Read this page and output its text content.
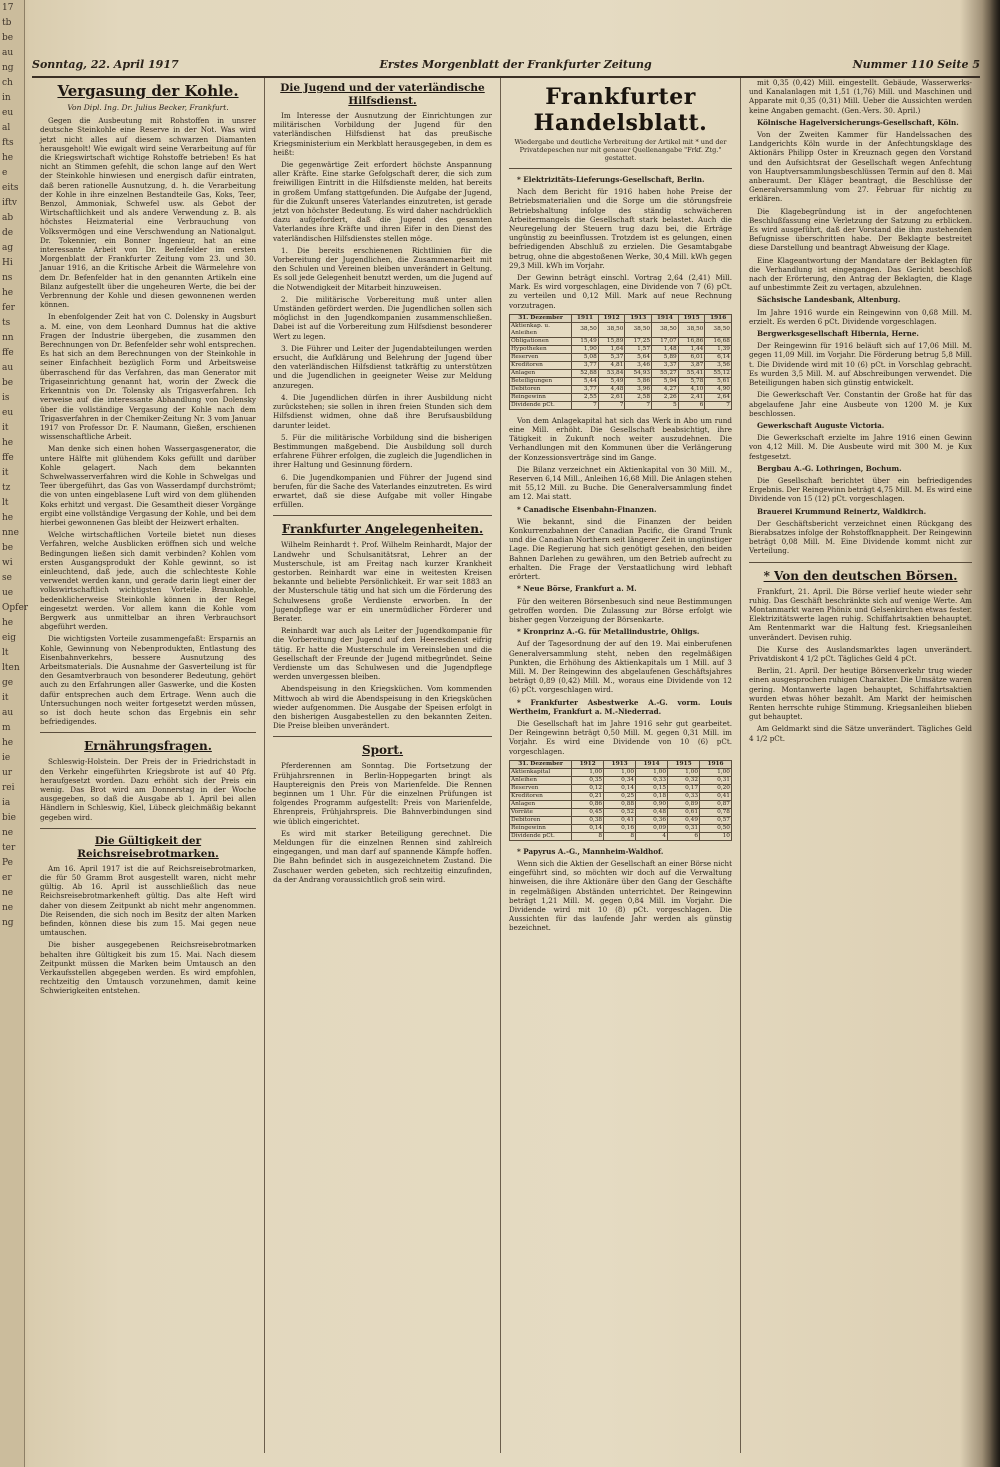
17
tb
be
au
ng
ch
in
eu
al
fts
he
e
eits
iftv
ab
de
ag
Hi
ns
he
fer
ts
nn
ffe
au
be
is
eu
it
he
ffe
it
tz
lt
he
nne
be
wi
se
ue
Opfer
he
eig
lt
lten
ge
it
au
m
he
ie
ur
rei
ia
bie
ne
ter
Pe
er
ne
ne
ng
Sonntag, 22. April 1917	Erstes Morgenblatt der Frankfurter Zeitung	Nummer 110 Seite 5
Vergasung der Kohle.
Von Dipl. Ing. Dr. Julius Becker, Frankfurt.

Gegen die Ausbeutung mit Rohstoffen in unsrer deutsche Steinkohle eine Reserve in der Not. Was wird jetzt nicht alles auf diesem schwarzen Diamanten herausgeholt! Wie ewigalt wird seine Verarbeitung auf für die Kriegswirtschaft wichtige Rohstoffe betrieben! Es hat nicht an Stimmen gefehlt, die schon lange auf den Wert der Steinkohle hinwiesen und energisch dafür eintraten, daß beren rationelle Ausnutzung, d. h. die Verarbeitung der Kohle in ihre einzelnen Bestandteile Gas, Koks, Teer, Benzol, Ammoniak, Schwefel usw. als Gebot der Wirtschaftlichkeit und als andere Verwendung z. B. als höchstes Heizmaterial eine Verbrauchung von Volksvermögen und eine Verschwendung an Nationalgut. Dr. Tokennier, ein Bonner Ingenieur, hat an eine interessante Arbeit von Dr. Befenfelder im ersten Morgenblatt der Frankfurter Zeitung vom 23. und 30. Januar 1916, an die Kritische Arbeit die Wärmelehre von dem Dr. Befenfelder hat in den genannten Artikeln eine Bilanz aufgestellt über die ungeheuren Werte, die bei der Verbrennung der Kohle und diesen gewonnenen werden können.

In ebenfolgender Zeit hat von C. Dolensky in Augsburt a. M. eine, von dem Leonhard Dumnus hat die aktive Fragen der Industrie übergeben, die zusammen den Berechnungen von Dr. Befenfelder sehr wohl entsprechen. Es hat sich an dem Berechnungen von der Steinkohle in seiner Einfachheit bezüglich Form und Arbeitsweise überraschend für das Verfahren, das man Generator mit Trigaseinrichtung genannt hat, worin der Zweck die Erkenntnis von Dr. Tolensky als Trigasverfahren. Ich verweise auf die interessante Abhandlung von Dolensky über die vollständige Vergasung der Kohle nach dem Trigasverfahren in der Chemiker-Zeitung Nr. 3 vom Januar 1917 von Professor Dr. F. Naumann, Gießen, erschienen wissenschaftliche Arbeit.

Man denke sich einen hohen Wassergasgenerator, die untere Hälfte mit glühendem Koks gefüllt und darüber Kohle gelagert. Nach dem bekannten Schwelwasserverfahren wird die Kohle in Schwelgas und Teer übergeführt, das Gas von Wasserdampf durchströmt; die von unten eingeblasene Luft wird von dem glühenden Koks erhitzt und vergast. Die Gesamtheit dieser Vorgänge ergibt eine vollständige Vergasung der Kohle, und bei dem hierbei gewonnenen Gas bleibt der Heizwert erhalten.

Welche wirtschaftlichen Vorteile bietet nun dieses Verfahren, welche Ausblicken eröffnen sich und welche Bedingungen ließen sich damit verbinden? Kohlen vom ersten Ausgangsprodukt der Kohle gewinnt, so ist einleuchtend, daß jede, auch die schlechteste Kohle verwendet werden kann, und gerade darin liegt einer der volkswirtschaftlich wichtigsten Vorteile. Braunkohle, bedenklicherweise Steinkohle können in der Regel eingesetzt werden. Vor allem kann die Kohle vom Bergwerk aus unmittelbar an ihren Verbrauchsort abgeführt werden.

Die wichtigsten Vorteile zusammengefaßt: Ersparnis an Kohle, Gewinnung von Nebenprodukten, Entlastung des Eisenbahnverkehrs, bessere Ausnutzung des Arbeitsmaterials. Die Ausnahme der Gasverteilung ist für den Gesamtverbrauch von besonderer Bedeutung, gehört auch zu den Erfahrungen aller Gaswerke, und die Kosten dafür entsprechen auch dem Ertrage. Wenn auch die Untersuchungen noch weiter fortgesetzt werden müssen, so ist doch heute schon das Ergebnis ein sehr befriedigendes.

Ernährungsfragen.

Schleswig-Holstein. Der Preis der in Friedrichstadt in den Verkehr eingeführten Kriegsbrote ist auf 40 Pfg. heraufgesetzt worden. Dazu erhöht sich der Preis ein wenig. Das Brot wird am Donnerstag in der Woche ausgegeben, so daß die Ausgabe ab 1. April bei allen Händlern in Schleswig, Kiel, Lübeck gleichmäßig bekannt gegeben wird.

Die Gültigkeit der Reichsreisebrotmarken.

Am 16. April 1917 ist die auf Reichsreisebrotmarken, die für 50 Gramm Brot ausgestellt waren, nicht mehr gültig. Ab 16. April ist ausschließlich das neue Reichsreisebrotmarkenheft gültig. Das alte Heft wird daher von diesem Zeitpunkt ab nicht mehr angenommen. Die Reisenden, die sich noch im Besitz der alten Marken befinden, können diese bis zum 15. Mai gegen neue umtauschen.

Die bisher ausgegebenen Reichsreisebrotmarken behalten ihre Gültigkeit bis zum 15. Mai. Nach diesem Zeitpunkt müssen die Marken beim Umtausch an den Verkaufsstellen abgegeben werden. Es wird empfohlen, rechtzeitig den Umtausch vorzunehmen, damit keine Schwierigkeiten entstehen.

Die Jugend und der vaterländische Hilfsdienst.

Im Interesse der Ausnutzung der Einrichtungen zur militärischen Vorbildung der Jugend für den vaterländischen Hilfsdienst hat das preußische Kriegsministerium ein Merkblatt herausgegeben, in dem es heißt:

Die gegenwärtige Zeit erfordert höchste Anspannung aller Kräfte. Eine starke Gefolgschaft derer, die sich zum freiwilligen Eintritt in die Hilfsdienste melden, hat bereits in großem Umfang stattgefunden. Die Aufgabe der Jugend, für die Zukunft unseres Vaterlandes einzutreten, ist gerade jetzt von höchster Bedeutung. Es wird daher nachdrücklich dazu aufgefordert, daß die Jugend des gesamten Vaterlandes ihre Kräfte und ihren Eifer in den Dienst des vaterländischen Hilfsdienstes stellen möge.

1. Die bereits erschienenen Richtlinien für die Vorbereitung der Jugendlichen, die Zusammenarbeit mit den Schulen und Vereinen bleiben unverändert in Geltung. Es soll jede Gelegenheit benutzt werden, um die Jugend auf die Notwendigkeit der Mitarbeit hinzuweisen.

2. Die militärische Vorbereitung muß unter allen Umständen gefördert werden. Die Jugendlichen sollen sich möglichst in den Jugendkompanien zusammenschließen. Dabei ist auf die Vorbereitung zum Hilfsdienst besonderer Wert zu legen.

3. Die Führer und Leiter der Jugendabteilungen werden ersucht, die Aufklärung und Belehrung der Jugend über den vaterländischen Hilfsdienst tatkräftig zu unterstützen und die Jugendlichen in geeigneter Weise zur Meldung anzuregen.

4. Die Jugendlichen dürfen in ihrer Ausbildung nicht zurückstehen; sie sollen in ihren freien Stunden sich dem Hilfsdienst widmen, ohne daß ihre Berufsausbildung darunter leidet.

5. Für die militärische Vorbildung sind die bisherigen Bestimmungen maßgebend. Die Ausbildung soll durch erfahrene Führer erfolgen, die zugleich die Jugendlichen in ihrer Haltung und Gesinnung fördern.

6. Die Jugendkompanien und Führer der Jugend sind berufen, für die Sache des Vaterlandes einzutreten. Es wird erwartet, daß sie diese Aufgabe mit voller Hingabe erfüllen.

Frankfurter Angelegenheiten.

Wilhelm Reinhardt †. Prof. Wilhelm Reinhardt, Major der Landwehr und Schulsanitätsrat, Lehrer an der Musterschule, ist am Freitag nach kurzer Krankheit gestorben. Reinhardt war eine in weitesten Kreisen bekannte und beliebte Persönlichkeit. Er war seit 1883 an der Musterschule tätig und hat sich um die Förderung des Schulwesens große Verdienste erworben. In der Jugendpflege war er ein unermüdlicher Förderer und Berater.

Reinhardt war auch als Leiter der Jugendkompanie für die Vorbereitung der Jugend auf den Heeresdienst eifrig tätig. Er hatte die Musterschule im Vereinsleben und die Gesellschaft der Freunde der Jugend mitbegründet. Seine Verdienste um das Schulwesen und die Jugendpflege werden unvergessen bleiben.

Abendspeisung in den Kriegsküchen. Vom kommenden Mittwoch ab wird die Abendspeisung in den Kriegsküchen wieder aufgenommen. Die Ausgabe der Speisen erfolgt in den bisherigen Ausgabestellen zu den bekannten Zeiten. Die Preise bleiben unverändert.

Sport.

Pferderennen am Sonntag. Die Fortsetzung der Frühjahrsrennen in Berlin-Hoppegarten bringt als Hauptereignis den Preis von Marienfelde. Die Rennen beginnen um 1 Uhr. Für die einzelnen Prüfungen ist folgendes Programm aufgestellt: Preis von Marienfelde, Ehrenpreis, Frühjahrspreis. Die Bahnverbindungen sind wie üblich eingerichtet.

Es wird mit starker Beteiligung gerechnet. Die Meldungen für die einzelnen Rennen sind zahlreich eingegangen, und man darf auf spannende Kämpfe hoffen. Die Bahn befindet sich in ausgezeichnetem Zustand. Die Zuschauer werden gebeten, sich rechtzeitig einzufinden, da der Andrang voraussichtlich groß sein wird.

Frankfurter Handelsblatt.
Wiedergabe und deutliche Verbreitung der Artikel mit * und der Privatdepeschen nur mit genauer Quellenangabe "Frkf. Ztg." gestattet.

* Elektrizitäts-Lieferungs-Gesellschaft, Berlin.

Nach dem Bericht für 1916 haben hohe Preise der Betriebsmaterialien und die Sorge um die störungsfreie Betriebshaltung infolge des ständig schwächeren Arbeitermangels die Gesellschaft stark belastet. Auch die Neuregelung der Steuern trug dazu bei, die Erträge ungünstig zu beeinflussen. Trotzdem ist es gelungen, einen befriedigenden Abschluß zu erzielen. Die Gesamtabgabe betrug, ohne die abgestoßenen Werke, 30,4 Mill. kWh gegen 29,3 Mill. kWh im Vorjahr.

Der Gewinn beträgt einschl. Vortrag 2,64 (2,41) Mill. Mark. Es wird vorgeschlagen, eine Dividende von 7 (6) pCt. zu verteilen und 0,12 Mill. Mark auf neue Rechnung vorzutragen.

31. Dezember	1911	1912	1913	1914	1915	1916
Aktienkap. u. Anleihen	38,50	38,50	38,50	38,50	38,50	38,50
Obligationen	15,49	15,89	17,25	17,07	16,86	16,68
Hypotheken	1,90	1,64	1,57	1,48	1,44	1,39
Reserven	5,08	5,37	5,64	5,89	6,01	6,14
Kreditoren	3,77	4,81	3,46	3,37	3,87	3,56
Anlagen	52,88	53,84	54,93	55,27	55,41	55,12
Beteiligungen	5,44	5,49	5,86	5,94	5,78	5,61
Debitoren	3,77	4,48	3,96	4,27	4,10	4,90
Reingewinn	2,55	2,61	2,58	2,26	2,41	2,64
Dividende pCt.	7	7	7	5	6	7

Von dem Anlagekapital hat sich das Werk in Abo um rund eine Mill. erhöht. Die Gesellschaft beabsichtigt, ihre Tätigkeit in Zukunft noch weiter auszudehnen. Die Verhandlungen mit den Kommunen über die Verlängerung der Konzessionsverträge sind im Gange.

Die Bilanz verzeichnet ein Aktienkapital von 30 Mill. M., Reserven 6,14 Mill., Anleihen 16,68 Mill. Die Anlagen stehen mit 55,12 Mill. zu Buche. Die Generalversammlung findet am 12. Mai statt.

* Canadische Eisenbahn-Finanzen.

Wie bekannt, sind die Finanzen der beiden Konkurrenzbahnen der Canadian Pacific, die Grand Trunk und die Canadian Northern seit längerer Zeit in ungünstiger Lage. Die Regierung hat sich genötigt gesehen, den beiden Bahnen Darlehen zu gewähren, um den Betrieb aufrecht zu erhalten. Die Frage der Verstaatlichung wird lebhaft erörtert.

* Neue Börse, Frankfurt a. M.

Für den weiteren Börsenbesuch sind neue Bestimmungen getroffen worden. Die Zulassung zur Börse erfolgt wie bisher gegen Vorzeigung der Börsenkarte.

* Kronprinz A.-G. für Metallindustrie, Ohligs.

Auf der Tagesordnung der auf den 19. Mai einberufenen Generalversammlung steht, neben den regelmäßigen Punkten, die Erhöhung des Aktienkapitals um 1 Mill. auf 3 Mill. M. Der Reingewinn des abgelaufenen Geschäftsjahres beträgt 0,89 (0,42) Mill. M., woraus eine Dividende von 12 (6) pCt. vorgeschlagen wird.

* Frankfurter Asbestwerke A.-G. vorm. Louis Wertheim, Frankfurt a. M.-Niederrad.

Die Gesellschaft hat im Jahre 1916 sehr gut gearbeitet. Der Reingewinn beträgt 0,50 Mill. M. gegen 0,31 Mill. im Vorjahr. Es wird eine Dividende von 10 (6) pCt. vorgeschlagen.

31. Dezember	1912	1913	1914	1915	1916
Aktienkapital	1,00	1,00	1,00	1,00	1,00
Anleihen	0,35	0,34	0,33	0,32	0,31
Reserven	0,12	0,14	0,15	0,17	0,20
Kreditoren	0,21	0,25	0,18	0,33	0,41
Anlagen	0,86	0,88	0,90	0,89	0,87
Vorräte	0,45	0,52	0,48	0,61	0,78
Debitoren	0,38	0,41	0,36	0,49	0,57
Reingewinn	0,14	0,16	0,09	0,31	0,50
Dividende pCt.	8	8	4	6	10

* Papyrus A.-G., Mannheim-Waldhof.

Wenn sich die Aktien der Gesellschaft an einer Börse nicht eingeführt sind, so möchten wir doch auf die Verwaltung hinweisen, die ihre Aktionäre über den Gang der Geschäfte in regelmäßigen Abständen unterrichtet. Der Reingewinn beträgt 1,21 Mill. M. gegen 0,84 Mill. im Vorjahr. Die Dividende wird mit 10 (8) pCt. vorgeschlagen. Die Aussichten für das laufende Jahr werden als günstig bezeichnet.

mit 0,35 (0,42) Mill. eingestellt. Gebäude, Wasserwerks- und Kanalanlagen mit 1,51 (1,76) Mill. und Maschinen und Apparate mit 0,35 (0,31) Mill. Ueber die Aussichten werden keine Angaben gemacht. (Gen.-Vers. 30. April.)

Kölnische Hagelversicherungs-Gesellschaft, Köln.

Von der Zweiten Kammer für Handelssachen des Landgerichts Köln wurde in der Anfechtungsklage des Aktionärs Philipp Oster in Kreuznach gegen den Vorstand und den Aufsichtsrat der Gesellschaft wegen Anfechtung von Hauptversammlungsbeschlüssen Termin auf den 8. Mai anberaumt. Der Kläger beantragt, die Beschlüsse der Generalversammlung vom 27. Februar für nichtig zu erklären.

Die Klagebegründung ist in der angefochtenen Beschlußfassung eine Verletzung der Satzung zu erblicken. Es wird ausgeführt, daß der Vorstand die ihm zustehenden Befugnisse überschritten habe. Der Beklagte bestreitet diese Darstellung und beantragt Abweisung der Klage.

Eine Klageantwortung der Mandatare der Beklagten für die Verhandlung ist eingegangen. Das Gericht beschloß nach der Erörterung, den Antrag der Beklagten, die Klage auf unbestimmte Zeit zu vertagen, abzulehnen.

Sächsische Landesbank, Altenburg.

Im Jahre 1916 wurde ein Reingewinn von 0,68 Mill. M. erzielt. Es werden 6 pCt. Dividende vorgeschlagen.

Bergwerksgesellschaft Hibernia, Herne.

Der Reingewinn für 1916 beläuft sich auf 17,06 Mill. M. gegen 11,09 Mill. im Vorjahr. Die Förderung betrug 5,8 Mill. t. Die Dividende wird mit 10 (6) pCt. in Vorschlag gebracht. Es wurden 3,5 Mill. M. auf Abschreibungen verwendet. Die Beteiligungen haben sich günstig entwickelt.

Die Gewerkschaft Ver. Constantin der Große hat für das abgelaufene Jahr eine Ausbeute von 1200 M. je Kux beschlossen.

Gewerkschaft Auguste Victoria.

Die Gewerkschaft erzielte im Jahre 1916 einen Gewinn von 4,12 Mill. M. Die Ausbeute wird mit 300 M. je Kux festgesetzt.

Bergbau A.-G. Lothringen, Bochum.

Die Gesellschaft berichtet über ein befriedigendes Ergebnis. Der Reingewinn beträgt 4,75 Mill. M. Es wird eine Dividende von 15 (12) pCt. vorgeschlagen.

Brauerei Krummund Reinertz, Waldkirch.

Der Geschäftsbericht verzeichnet einen Rückgang des Bierabsatzes infolge der Rohstoffknappheit. Der Reingewinn beträgt 0,08 Mill. M. Eine Dividende kommt nicht zur Verteilung.

* Von den deutschen Börsen.

Frankfurt, 21. April. Die Börse verlief heute wieder sehr ruhig. Das Geschäft beschränkte sich auf wenige Werte. Am Montanmarkt waren Phönix und Gelsenkirchen etwas fester. Elektrizitätswerte lagen ruhig. Schiffahrtsaktien behauptet. Am Rentenmarkt war die Haltung fest. Kriegsanleihen unverändert. Devisen ruhig.

Die Kurse des Auslandsmarktes lagen unverändert. Privatdiskont 4 1/2 pCt. Tägliches Geld 4 pCt.

Berlin, 21. April. Der heutige Börsenverkehr trug wieder einen ausgesprochen ruhigen Charakter. Die Umsätze waren gering. Montanwerte lagen behauptet, Schiffahrtsaktien wurden etwas höher bezahlt. Am Markt der heimischen Renten herrschte ruhige Stimmung. Kriegsanleihen blieben gut behauptet.

Am Geldmarkt sind die Sätze unverändert. Tägliches Geld 4 1/2 pCt.
